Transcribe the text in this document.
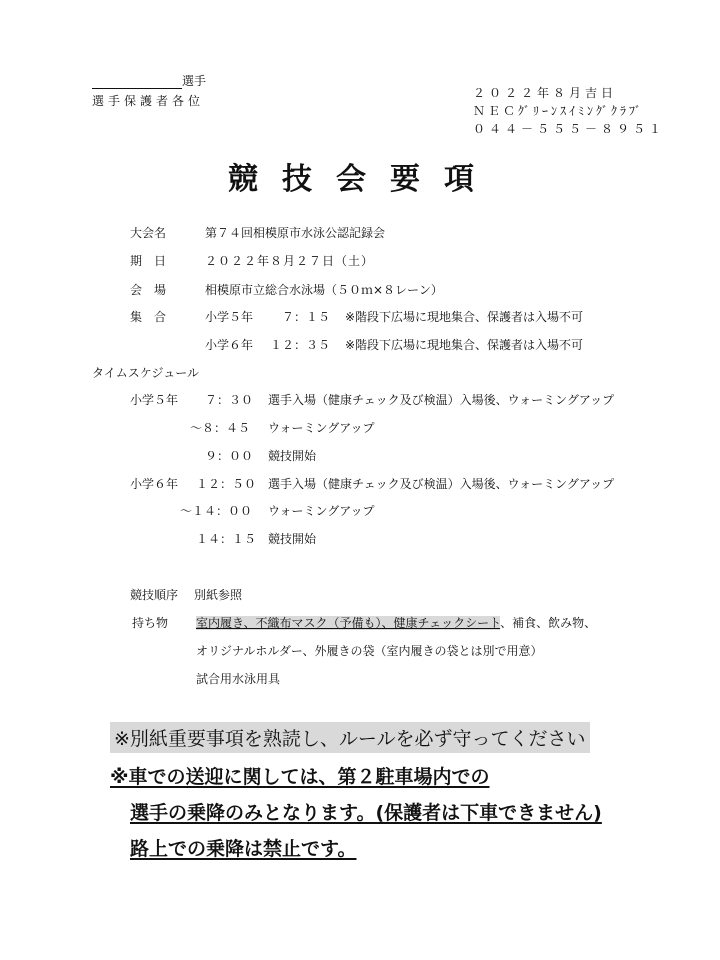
選手
選手保護者各位
２０２２年８月吉日
ＮＥＣｸﾞﾘｰﾝｽｲﾐﾝｸﾞｸﾗﾌﾞ
０４４－５５５－８９５１
競技会要項
大会名	第７４回相模原市水泳公認記録会
期　日	２０２２年８月２７日（土）
会　場	相模原市立総合水泳場（５０ｍ×８レーン）
集　合	小学５年 ７：１５ ※階段下広場に現地集合、保護者は入場不可
小学６年 １２：３５ ※階段下広場に現地集合、保護者は入場不可
タイムスケジュール
小学５年 ７：３０ 選手入場（健康チェック及び検温）入場後、ウォーミングアップ
～８：４５ ウォーミングアップ
９：００ 競技開始
小学６年 １２：５０ 選手入場（健康チェック及び検温）入場後、ウォーミングアップ
～１４：００ ウォーミングアップ
１４：１５ 競技開始
競技順序 別紙参照
持ち物 室内履き、不織布マスク（予備も）、健康チェックシート、補食、飲み物、
オリジナルホルダー、外履きの袋（室内履きの袋とは別で用意）
試合用水泳用具
※別紙重要事項を熟読し、ルールを必ず守ってください
※車での送迎に関しては、第２駐車場内での
選手の乗降のみとなります。(保護者は下車できません)
路上での乗降は禁止です。
